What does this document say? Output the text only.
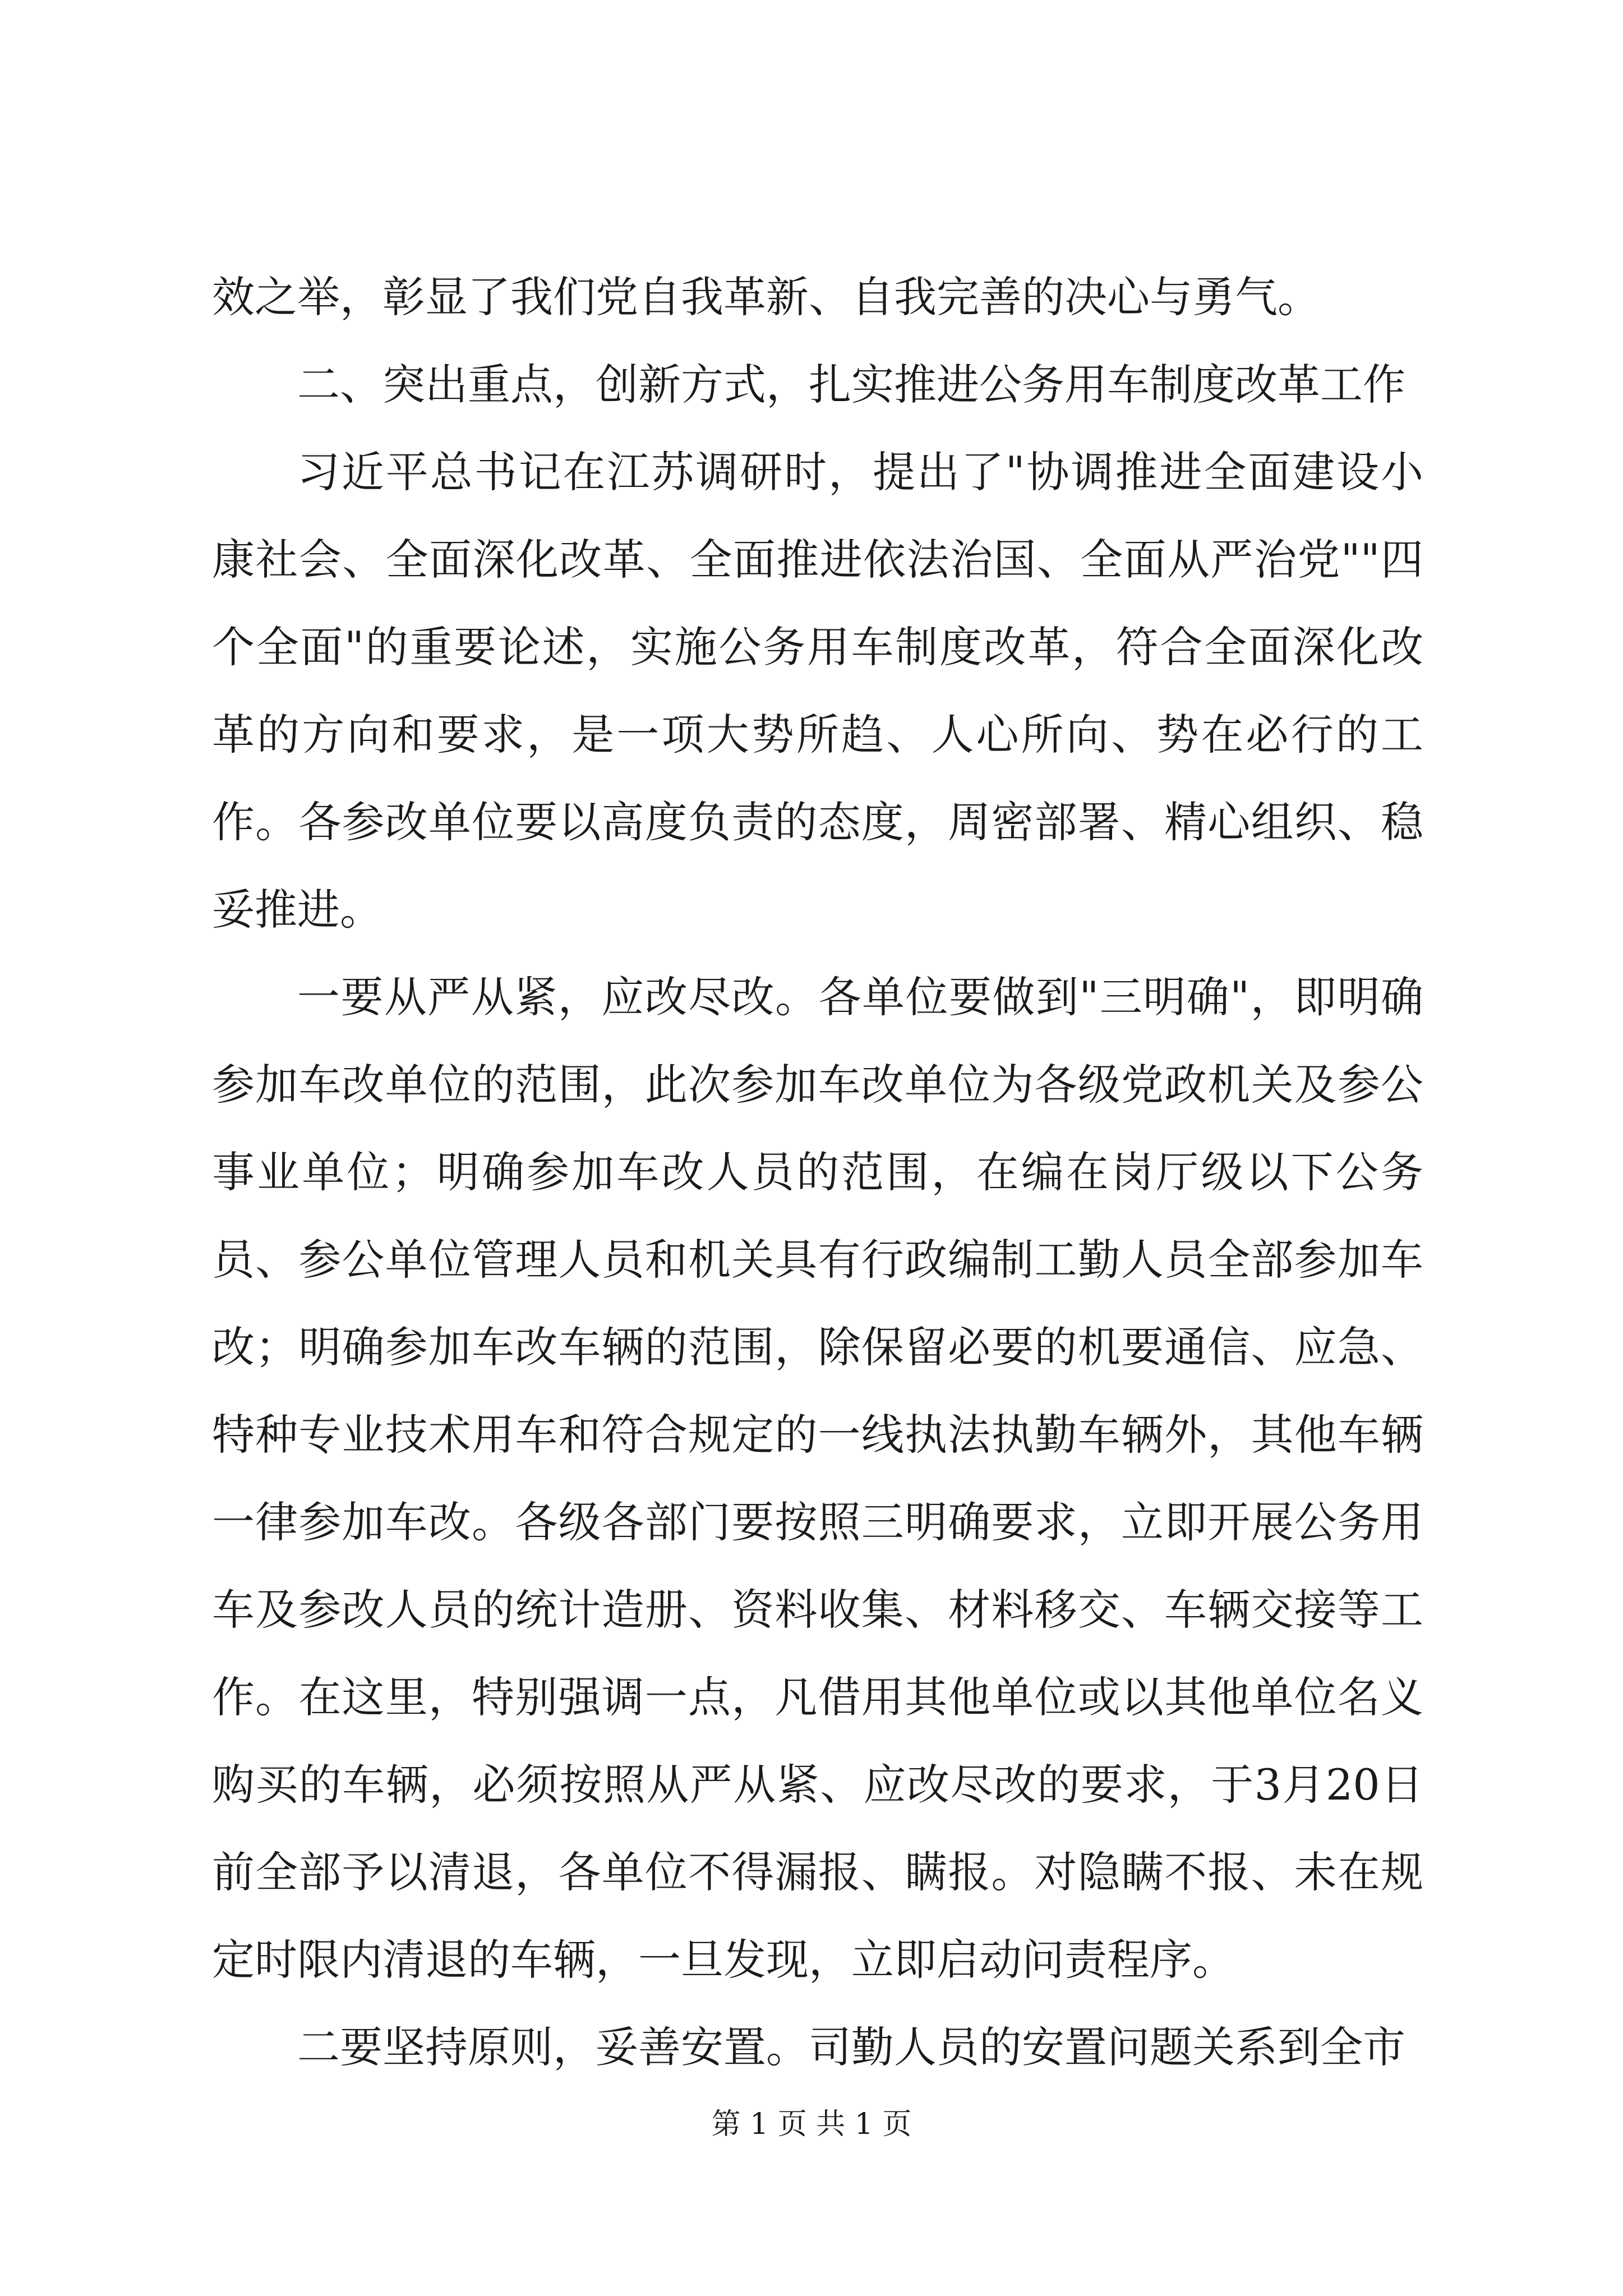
效之举，彰显了我们党自我革新、自我完善的决心与勇气。

二、突出重点，创新方式，扎实推进公务用车制度改革工作

习近平总书记在江苏调研时，提出了"协调推进全面建设小康社会、全面深化改革、全面推进依法治国、全面从严治党""四个全面"的重要论述，实施公务用车制度改革，符合全面深化改革的方向和要求，是一项大势所趋、人心所向、势在必行的工作。各参改单位要以高度负责的态度，周密部署、精心组织、稳妥推进。

一要从严从紧，应改尽改。各单位要做到"三明确"，即明确参加车改单位的范围，此次参加车改单位为各级党政机关及参公事业单位；明确参加车改人员的范围，在编在岗厅级以下公务员、参公单位管理人员和机关具有行政编制工勤人员全部参加车改；明确参加车改车辆的范围，除保留必要的机要通信、应急、特种专业技术用车和符合规定的一线执法执勤车辆外，其他车辆一律参加车改。各级各部门要按照三明确要求，立即开展公务用车及参改人员的统计造册、资料收集、材料移交、车辆交接等工作。在这里，特别强调一点，凡借用其他单位或以其他单位名义购买的车辆，必须按照从严从紧、应改尽改的要求，于3月20日前全部予以清退，各单位不得漏报、瞒报。对隐瞒不报、未在规定时限内清退的车辆，一旦发现，立即启动问责程序。

二要坚持原则，妥善安置。司勤人员的安置问题关系到全市

第 1 页 共 1 页
